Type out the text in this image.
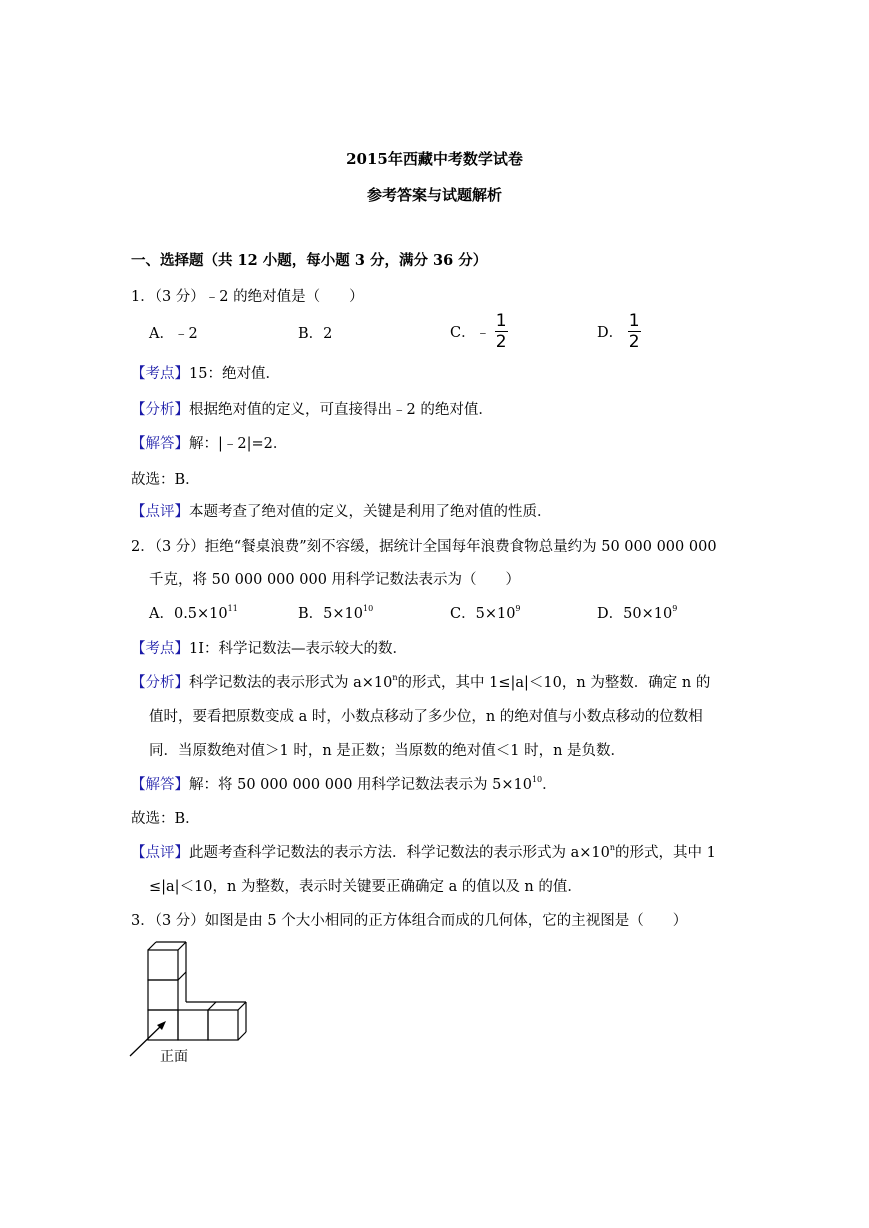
2015年西藏中考数学试卷
参考答案与试题解析
一、选择题（共 12 小题，每小题 3 分，满分 36 分）
1．（3 分）﹣2 的绝对值是（　　）
A．﹣2	B．2	C．﹣ $\frac{1}{2}$	D． $\frac{1}{2}$
【考点】15：绝对值．
【分析】根据绝对值的定义，可直接得出﹣2 的绝对值．
【解答】解：|﹣2|=2．
故选：B．
【点评】本题考查了绝对值的定义，关键是利用了绝对值的性质．
2．（3 分）拒绝“餐桌浪费”刻不容缓，据统计全国每年浪费食物总量约为 50 000 000 000
千克，将 50 000 000 000 用科学记数法表示为（　　）
A．$0.5\times 10^{11}$	B．$5\times 10^{10}$	C．$5\times 10^9$	D．$50\times 10^9$
【考点】1I：科学记数法—表示较大的数．
【分析】科学记数法的表示形式为 $a\times 10^n$的形式，其中 1≤|a|＜10，n 为整数．确定 n 的
值时，要看把原数变成 a 时，小数点移动了多少位，n 的绝对值与小数点移动的位数相
同．当原数绝对值＞1 时，n 是正数；当原数的绝对值＜1 时，n 是负数．
【解答】解：将 50 000 000 000 用科学记数法表示为 $5\times 10^{10}$．
故选：B．
【点评】此题考查科学记数法的表示方法．科学记数法的表示形式为 $a\times 10^n$的形式，其中 1
≤|a|＜10，n 为整数，表示时关键要正确确定 a 的值以及 n 的值．
3．（3 分）如图是由 5 个大小相同的正方体组合而成的几何体，它的主视图是（　　）
正面
